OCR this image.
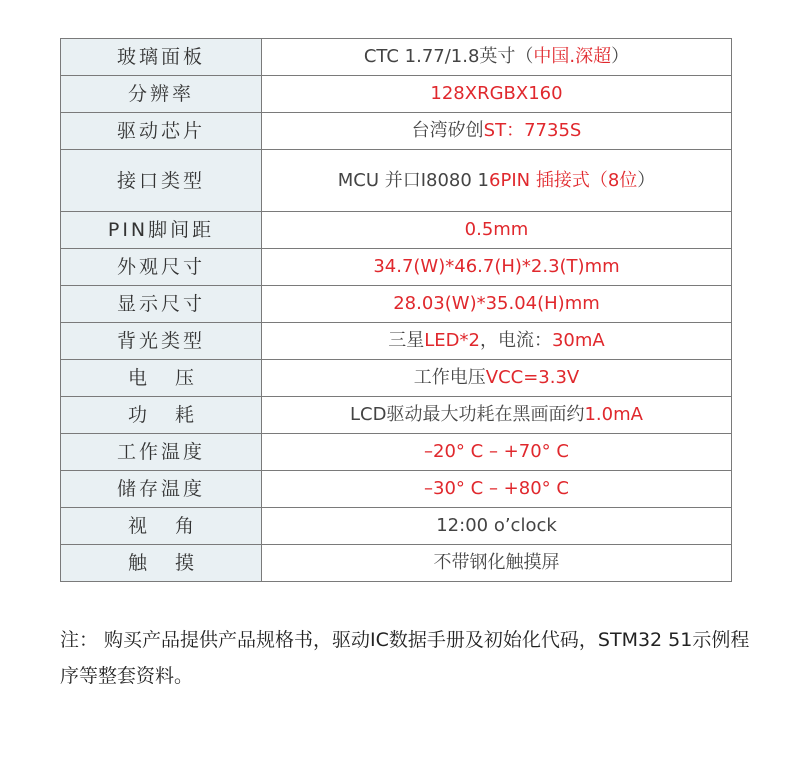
玻璃面板	CTC 1.77/1.8英寸（中国.深超）
分辨率	128XRGBX160
驱动芯片	台湾矽创ST：7735S
接口类型	MCU 并口I8080 16PIN 插接式（8位）
PIN脚间距	0.5mm
外观尺寸	34.7(W)*46.7(H)*2.3(T)mm
显示尺寸	28.03(W)*35.04(H)mm
背光类型	三星LED*2，电流：30mA
电压	工作电压VCC=3.3V
功耗	LCD驱动最大功耗在黑画面约1.0mA
工作温度	–20° C – +70° C
储存温度	–30° C – +80° C
视角	12:00 o’clock
触摸	不带钢化触摸屏
注： 购买产品提供产品规格书，驱动IC数据手册及初始化代码，STM32 51示例程序等整套资料。
